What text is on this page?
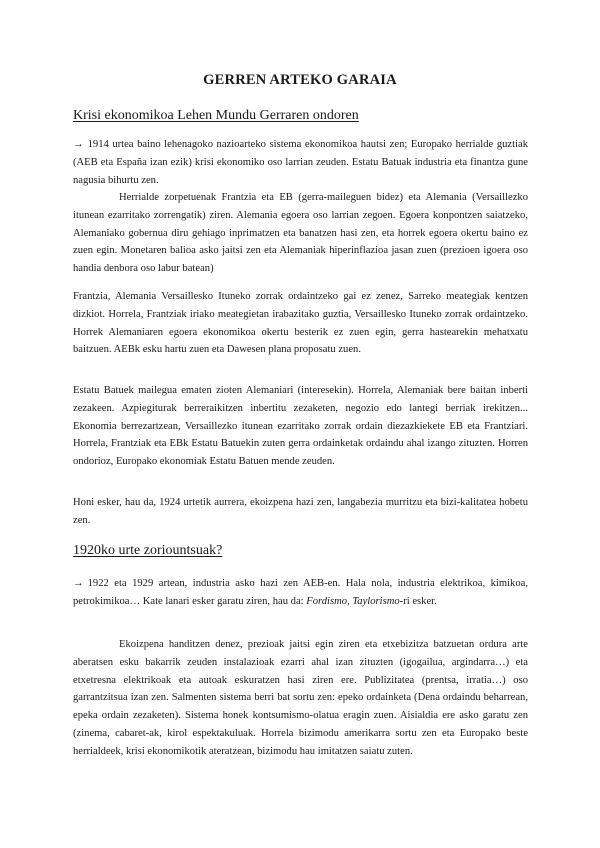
GERREN ARTEKO GARAIA
Krisi ekonomikoa Lehen Mundu Gerraren ondoren

→ 1914 urtea baino lehenagoko nazioarteko sistema ekonomikoa hautsi zen; Europako herrialde guztiak (AEB eta España izan ezik) krisi ekonomiko oso larrian zeuden. Estatu Batuak industria eta finantza gune nagusia bihurtu zen.

Herrialde zorpetuenak Frantzia eta EB (gerra-maileguen bidez) eta Alemania (Versaillezko itunean ezarritako zorrengatik) ziren. Alemania egoera oso larrian zegoen. Egoera konpontzen saiatzeko, Alemaniako gobernua diru gehiago inprimatzen eta banatzen hasi zen, eta horrek egoera okertu baino ez zuen egin. Monetaren balioa asko jaitsi zen eta Alemaniak hiperinflazioa jasan zuen (prezioen igoera oso handia denbora oso labur batean)

Frantzia, Alemania Versaillesko Ituneko zorrak ordaintzeko gai ez zenez, Sarreko meategiak kentzen dizkiot. Horrela, Frantziak iriako meategietan irabazitako guztia, Versaillesko Ituneko zorrak ordaintzeko. Horrek Alemaniaren egoera ekonomikoa okertu besterik ez zuen egin, gerra hastearekin mehatxatu baitzuen. AEBk esku hartu zuen eta Dawesen plana proposatu zuen.

Estatu Batuek mailegua ematen zioten Alemaniari (interesekin). Horrela, Alemaniak bere baitan inberti zezakeen. Azpiegiturak berreraikitzen inbertitu zezaketen, negozio edo lantegi berriak irekitzen... Ekonomia berrezartzean, Versaillezko itunean ezarritako zorrak ordain diezazkiekete EB eta Frantziari. Horrela, Frantziak eta EBk Estatu Batuekin zuten gerra ordainketak ordaindu ahal izango zituzten. Horren ondorioz, Europako ekonomiak Estatu Batuen mende zeuden.

Honi esker, hau da, 1924 urtetik aurrera, ekoizpena hazi zen, langabezia murritzu eta bizi-kalitatea hobetu zen.

1920ko urte zoriountsuak?

→ 1922 eta 1929 artean, industria asko hazi zen AEB-en. Hala nola, industria elektrikoa, kimikoa, petrokimikoa… Kate lanari esker garatu ziren, hau da: Fordismo, Taylorismo-ri esker.

Ekoizpena handitzen denez, prezioak jaitsi egin ziren eta etxebizitza batzuetan ordura arte aberatsen esku bakarrik zeuden instalazioak ezarri ahal izan zituzten (igogailua, argindarra…) eta etxetresna elektrikoak eta autoak eskuratzen hasi ziren ere. Publizitatea (prentsa, irratia…) oso garrantzitsua izan zen. Salmenten sistema berri bat sortu zen: epeko ordainketa (Dena ordaindu beharrean, epeka ordain zezaketen). Sistema honek kontsumismo-olatua eragin zuen. Aisialdia ere asko garatu zen (zinema, cabaret-ak, kirol espektakuluak. Horrela bizimodu amerikarra sortu zen eta Europako beste herrialdeek, krisi ekonomikotik ateratzean, bizimodu hau imitatzen saiatu zuten.
